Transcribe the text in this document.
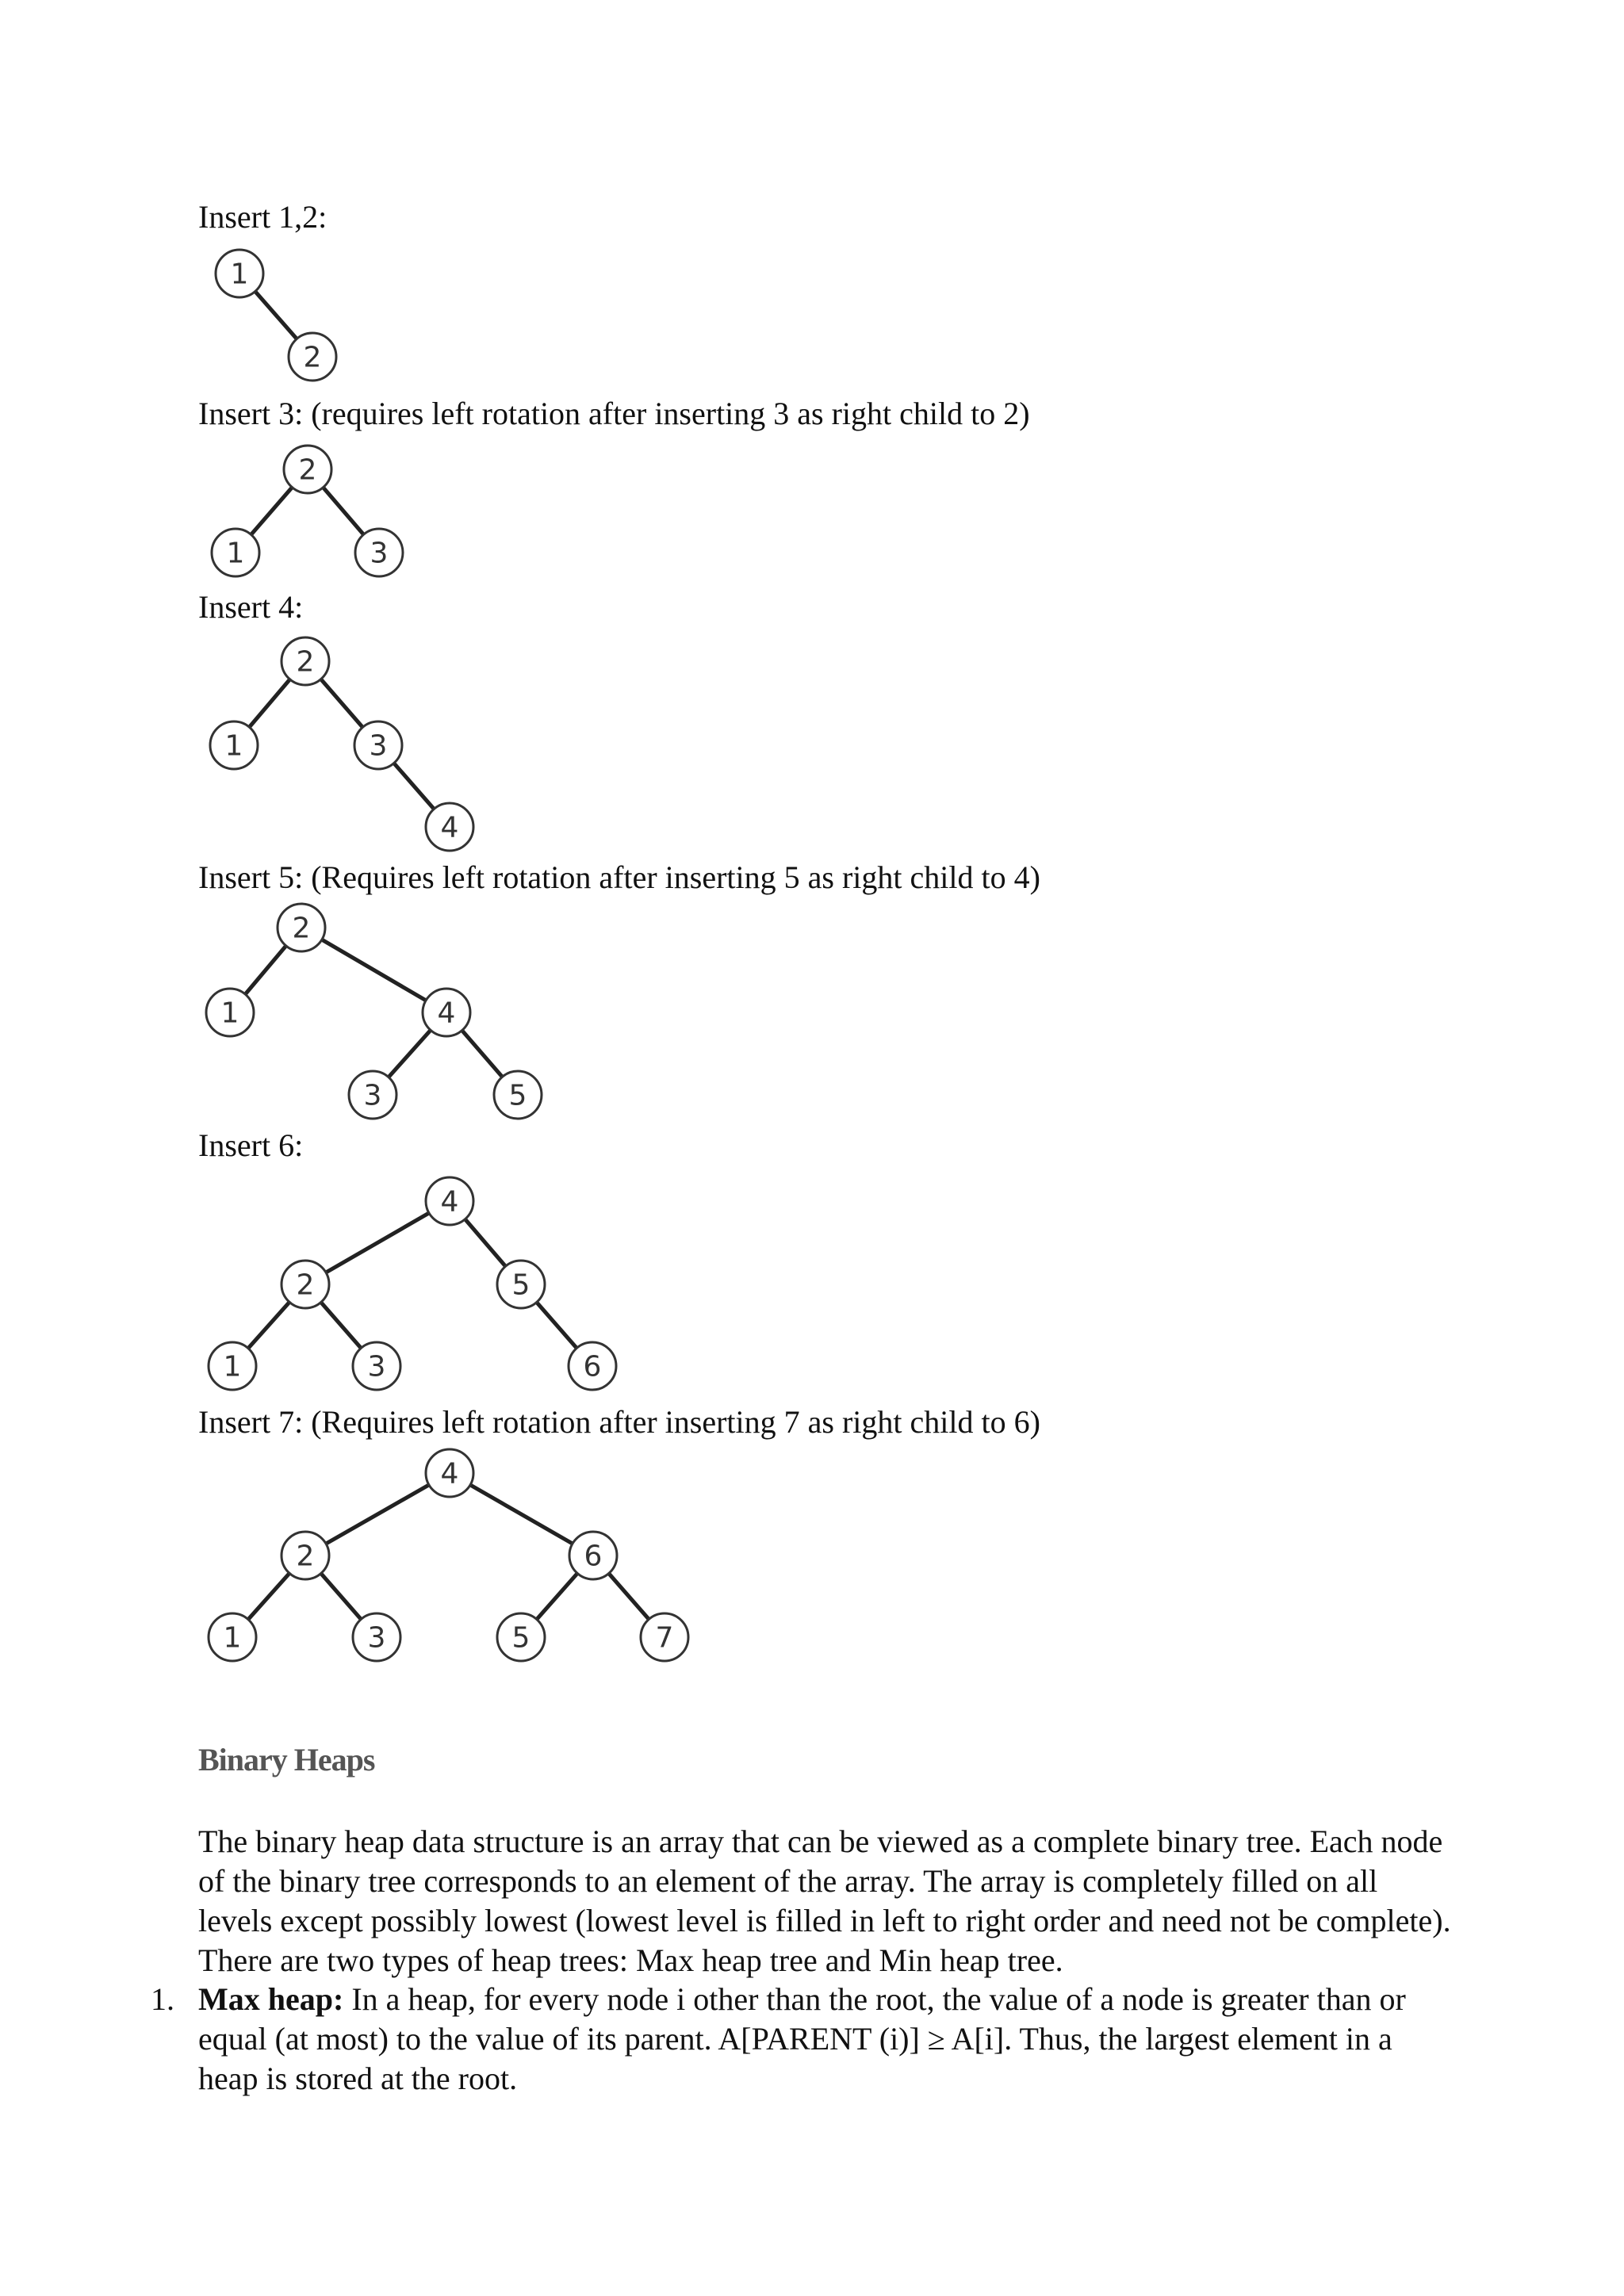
Insert 1,2:
1
2
Insert 3: (requires left rotation after inserting 3 as right child to 2)
2
1	3
Insert 4:
2
1	3
4
Insert 5: (Requires left rotation after inserting 5 as right child to 4)
2
1	4
3	5
Insert 6:
4
2	5
1	3	6
Insert 7: (Requires left rotation after inserting 7 as right child to 6)
4
2	6
1	3	5	7
Binary Heaps
The binary heap data structure is an array that can be viewed as a complete binary tree. Each node of the binary tree corresponds to an element of the array. The array is completely filled on all levels except possibly lowest (lowest level is filled in left to right order and need not be complete). There are two types of heap trees: Max heap tree and Min heap tree.
1. Max heap: In a heap, for every node i other than the root, the value of a node is greater than or equal (at most) to the value of its parent. A[PARENT (i)] ≥ A[i]. Thus, the largest element in a heap is stored at the root.
